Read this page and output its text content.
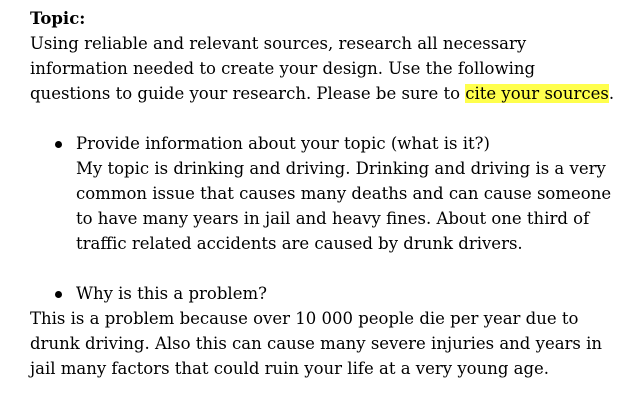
Topic:

Using reliable and relevant sources, research all necessary information needed to create your design. Use the following questions to guide your research. Please be sure to cite your sources.

Provide information about your topic (what is it?)
My topic is drinking and driving. Drinking and driving is a very common issue that causes many deaths and can cause someone to have many years in jail and heavy fines. About one third of traffic related accidents are caused by drunk drivers.
Why is this a problem?
This is a problem because over 10 000 people die per year due to drunk driving. Also this can cause many severe injuries and years in jail many factors that could ruin your life at a very young age.
